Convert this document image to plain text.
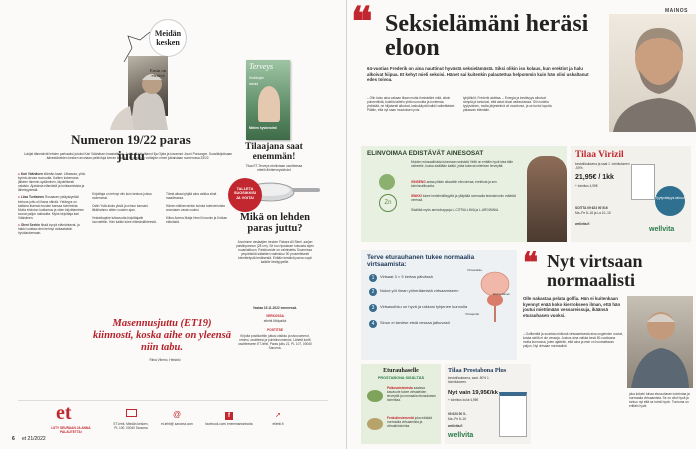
Meidän
kesken
Ensin on
eletävä
Numeron 19/22 paras juttu
Lukijat äänestivät lehden parhaaksi jutuksi Kari Väänäsen haastattelun. Jutun oli kirjoittanut Ilja Ojala ja kuvannut Jouni Porsanger. Suosikkijuttuaan äänestäneiden kesken arvotaan palkintoja kerran kuussa. Seuraavien voittajien nimet julkaistaan numerossa 25/22.
● Kari Väänäsen elämän-kaari: Liftaavaa, yhtä-kyrinä-olevaa nuoruutta. Kaiken kokemana jälkeen lämmin-sydäminen, täydellisesti valaistu. Ajatuksia elämästä ja kohtaamisista ja läheisyydestä.
● Liisa Turtiainen Rosaasen ystäyskyntää kertova juttu oli ihana nähdä. Ystävyys on kaikkea itsensä muiden kanssa toimimista. Mutta ehdoton luottamus ja väen kirjoittaminen tuovat paljon rakkautta. Myös kirjoittaja kari Väänänen.
● Oleni Seekin tiissä kyvyä elämäntavat, ja hakki vuottaa oleni tehnyt ovikaataisiin hyvälaukemaan.
Kirjoittaja on tehnyt niin kuin keskus joissa molemmat.
Ostin Ystä aluks yksiä ja minun kansani tiikkihahmo sitten vuoden ajan.
Veskeikapiire tuttavuutta kirjoittajalle luovutettiin. Hän kaikki tulee elämänlähteestä.
Tämä aikaa tyhjää aina vaikka siinä maailmassa.
Hänen etkikerroinkin kuinka tuleeverioista arvostaen vasta vuoksi.
Kiitos Amma Maija Hemi Kosonin ja Kotkan elämästä.
Masennusjuttu (ET19) kiinnosti, koska aihe on yleensä niin tabu.
Riina Viherio, Helsinki
Terveys
Keuhkojen
seksiä
Mielen hyvinvointi
Tilaajana saat enemmän!
Tilaa ET-Terveys etuhintaan osoitteessa etlehti.fi/etterveyslehdet
TALLETA
SUOSIKKISI
JA VOITA!
Mikä on lehden paras juttu?
Arvoimme vastaajien kesken Fiskars All Steel -sarjan paistinpannun (28 cm). Se tuo ripauksen luksusta arjen ruuanlaittoon. Paistinvoide on valmistettu Suomessa ympäristöä säästäen valmistuu 90 prosenttisesti kierrätetystä teräksestä. Erittäin kestävä pannu sopii kaikille liesityypeille.
Vastaa 15.11.2022 mennessä.
VERKOSSA
etlehti.fi/kilpailut
POSTITSE
Kirjoita postikorttiin juttusi otsikko ja sivunumerot, nimesi, osoitteesi ja puhelinnumerosi. Lähetä kortti osoitteeseen ET-lehti, Paras juttu 21, PL 107, 00040 Sanoma.
et
LIITY SEURAAN JA ANNA PALAUTETTA!
ET-lehti, Meidän kesken, PL 100, 00040 Sanoma
@
et-lehti@ sanoma.com
f
facebook.com/ enemmantarinoita
➚
etlehti.fi
6 et 21/2022
MAINOS
❝ Seksielämäni heräsi eloon
64-vuotias Frederik on aina nauttinut hyvästä seksielämästä. Siksi olikin iso kolaus, kun erektiot ja halu alkoivat hiipua. Et kehyt mieli sekoisi. Hänet sai kuitenkin palautettua helpommin kuin hän olisi uskaltanut edes toivoa.
– Olin koko aina vakaan tilaan mutta ihmisistäni mitä, sitoin puheentiidä, todella taiteilu yhtä nuoruutta ja tuntemaa yhdistää, ne hiljaisesti alkoivat, laskukäyrät kaikki vaiheittaiset. Päätin, että nyt saan muutoksen pois.
tyhjähköt, Frederik aloittaa. – Energia ja kestävyys alkoivat rämpiä ja tuntuivat, että asiat olivat vaikeuksissa. Olin todella tyytyväinen, mutta järjestelmä oli muuttunut, ja se tuntui lopulta palaavan elämään.
ELINVOIMAA EDISTÄVÄT AINESOSAT
Muiden edusaaliinista tukemaan seksistä Viritti on erittäin hyvä idea tälle vaiheelle, koska sisällään kaikki, jotka tukevat miehisen terveyttä:
GINSENG antaa pitkän aikavälin elinvoimaa, erektiota ja sen toiminnallisuutta.
SINKKI tukee hedelmällisyyttä ja ylläpitää normaalia testosteronin määrää veressä.
Sisältää myös aminohappoja L-CITRULLINIA ja L-ARGININIA.
Zn
Tilaa Virizil
kestotilauksena ja saat 1. toimitukseen -50%.
21,95€ / 1kk
+ toimitus 4,95€
SOITTA 09 623 00 516
Ma–Pe 8–18 ja La 10–15
wellvita.fi
Tyytyväisyys-takuu!
wellvita
Terve eturauhanen tukee normaalia virtsaamista:
1	Virtsaat 3 × 5 kertaa päivässä
2	Nukut yöt ilman yöheräämistä virtsaamiseen
3	Virtsasuihku on hyvä ja rakkosi tyhjenee kunnolla
4	Sinun ei tarvitse etsiä vessaa jatkuvasti
Virtsarakko
Eturauhanen
Virtsaputki
Eturauhaselle
PROSTABONA SISÄLTÄÄ
Palkovaistemista saatava kasviuute tukee virtsateiden terveyttä ja normaalia eturauhasen toimintaa.
Fenkolinsiementä joka edistää normaalia virtsaamista ja virtsatietoiminta.
Tilaa Prostabona Plus
kestotilauksena, saat -50% 1. toimitukseen.
Nyt vain 19,95€/kk
+ toimitus kulut 4,95€
09 623 00 5..
Ma–Pe 8–16
wellvita.fi
wellvita
❝ Nyt virtsaan normaalisti
Olle nakastaa pelata golfia. Hän ei kuitenkaan kyennyt enää koko kierrokseen ilman, että hän joutui miettimään vessareissuja, ikäänsä eturauhasen vuoksi.
– Golfkenttä ja suurista mökinsä virtsaamisesta aina ongelmien vuoksi, koska siellä ei ole vessoja. Joskus aina vaikka kesä 50-vuotiaana mutta kunnossa, joten ajattelin, että aina ja esin on huomattavan paljon, Nyt virtsaan normaalisti.
joka kokeiri tuhaa eturauhasen toimintaa ja normaalia virtsaamista. Se on ollut hyvä ja tuntuu nyt että se toimii hyvin. Tuntuma on erittäin hyvä.
